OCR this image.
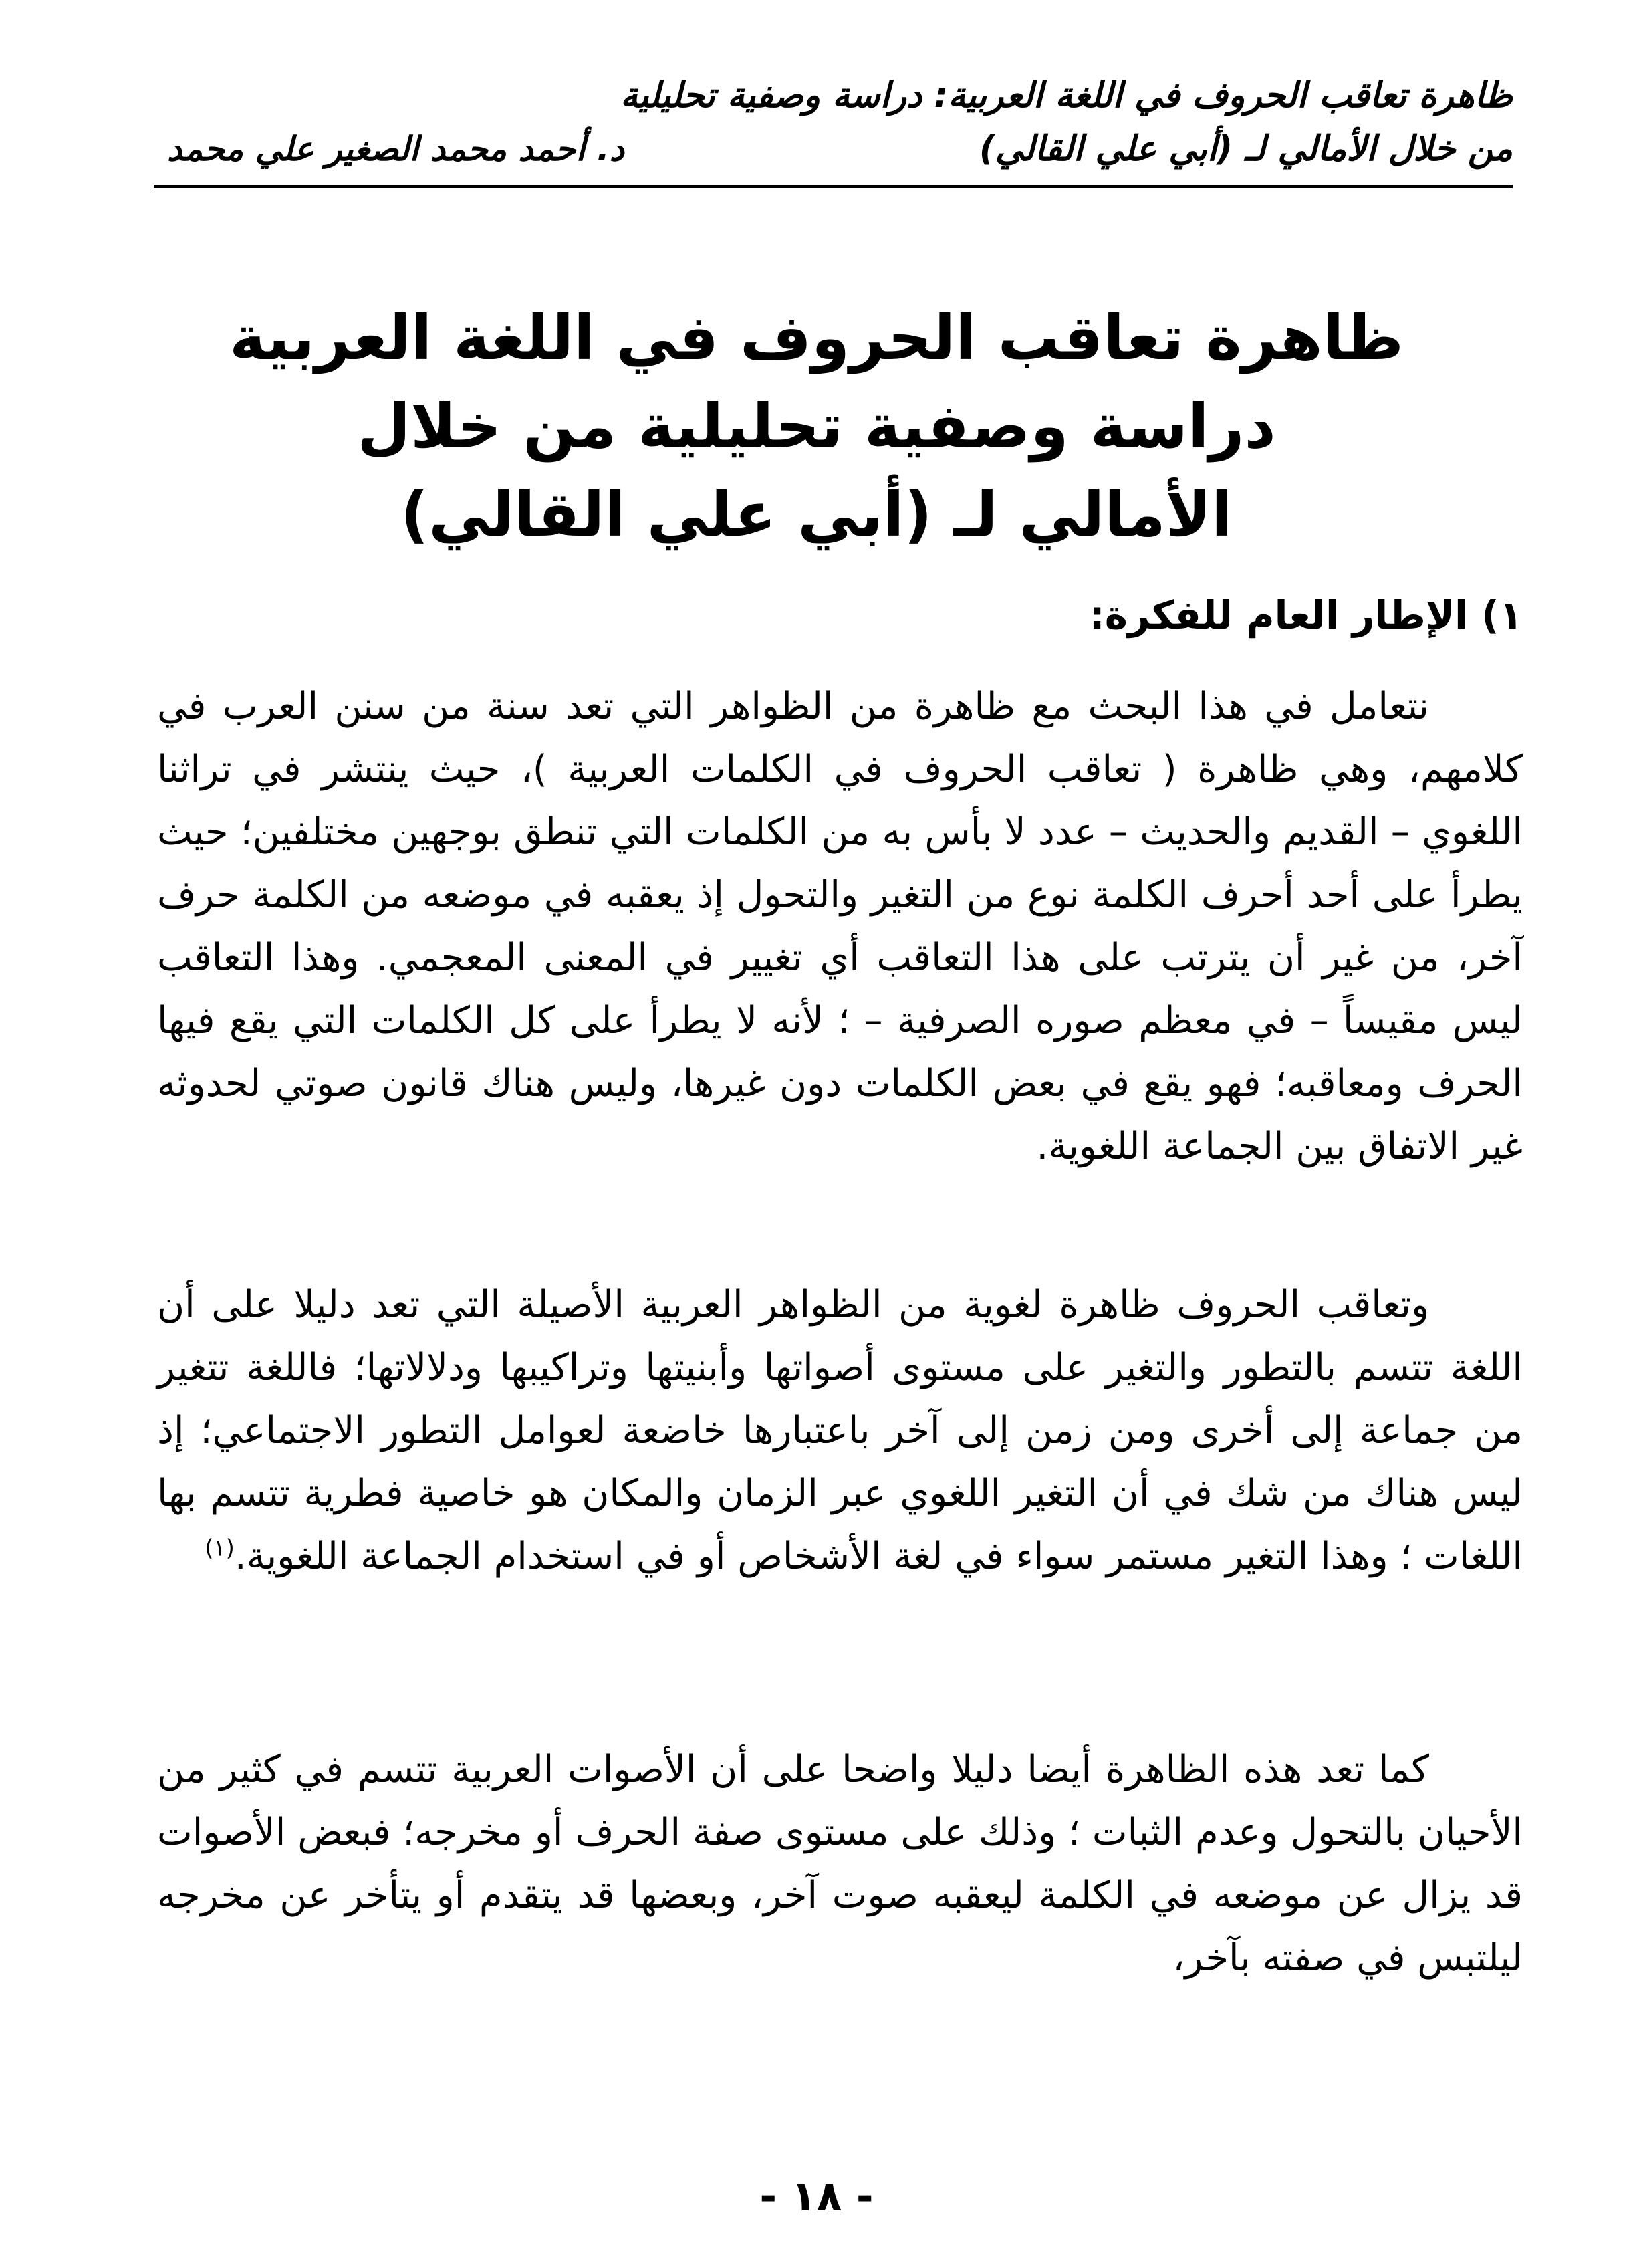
ظاهرة تعاقب الحروف في اللغة العربية: دراسة وصفية تحليلية
من خلال الأمالي لـ (أبي علي القالي)
د. أحمد محمد الصغير علي محمد
ظاهرة تعاقب الحروف في اللغة العربية
دراسة وصفية تحليلية من خلال
الأمالي لـ (أبي علي القالي)
١) الإطار العام للفكرة:

نتعامل في هذا البحث مع ظاهرة من الظواهر التي تعد سنة من سنن العرب في كلامهم، وهي ظاهرة ( تعاقب الحروف في الكلمات العربية )، حيث ينتشر في تراثنا اللغوي – القديم والحديث – عدد لا بأس به من الكلمات التي تنطق بوجهين مختلفين؛ حيث يطرأ على أحد أحرف الكلمة نوع من التغير والتحول إذ يعقبه في موضعه من الكلمة حرف آخر، من غير أن يترتب على هذا التعاقب أي تغيير في المعنى المعجمي. وهذا التعاقب ليس مقيساً – في معظم صوره الصرفية – ؛ لأنه لا يطرأ على كل الكلمات التي يقع فيها الحرف ومعاقبه؛ فهو يقع في بعض الكلمات دون غيرها، وليس هناك قانون صوتي لحدوثه غير الاتفاق بين الجماعة اللغوية.

وتعاقب الحروف ظاهرة لغوية من الظواهر العربية الأصيلة التي تعد دليلا على أن اللغة تتسم بالتطور والتغير على مستوى أصواتها وأبنيتها وتراكيبها ودلالاتها؛ فاللغة تتغير من جماعة إلى أخرى ومن زمن إلى آخر باعتبارها خاضعة لعوامل التطور الاجتماعي؛ إذ ليس هناك من شك في أن التغير اللغوي عبر الزمان والمكان هو خاصية فطرية تتسم بها اللغات ؛ وهذا التغير مستمر سواء في لغة الأشخاص أو في استخدام الجماعة اللغوية.$^{(١)}$

كما تعد هذه الظاهرة أيضا دليلا واضحا على أن الأصوات العربية تتسم في كثير من الأحيان بالتحول وعدم الثبات ؛ وذلك على مستوى صفة الحرف أو مخرجه؛ فبعض الأصوات قد يزال عن موضعه في الكلمة ليعقبه صوت آخر، وبعضها قد يتقدم أو يتأخر عن مخرجه ليلتبس في صفته بآخر،

- ١٨ -
